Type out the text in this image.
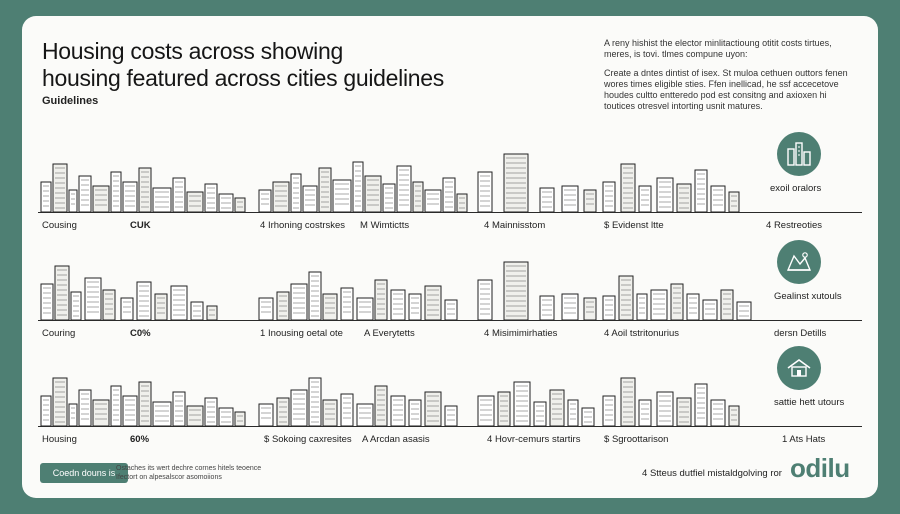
Housing costs across showing
housing featured across cities guidelines
Guidelines

A reny hishist the elector minlitactioung otitit costs tirtues, meres, is tovi. tlmes compune uyon:

Create a dntes dintist of isex. St muloa cethuen outtors fenen wores times eligible sties. Ffen inellicad, he ssf accecetove houdes cultto entteredo pod est consitng and axioxen hi toutices otresvel intorting usnit matures.

Cousing	CUK	4 Irhoning costrskes M Wimtictts	4 Mainnisstom	$ Evidenst ltte	4 Restreoties
exoil oralors
Couring	C0%	1 Inousing oetal ote A Everytetts	4 Misimimirhaties	4 Aoil tstritonurius	dersn Detills
Gealinst xutouls
Housing	60%	$ Sokoing caxresites A Arcdan asasis	4 Hovr-cemurs startirs $ Sgroottarison	1 Ats Hats
sattie hett utours
Coedn douns is Ostaches its wert dechre cornes hitels teoence Ifectort on alpesalscor asomoiions	4 Stteus dutfiel mistaldgolving ror odilu
